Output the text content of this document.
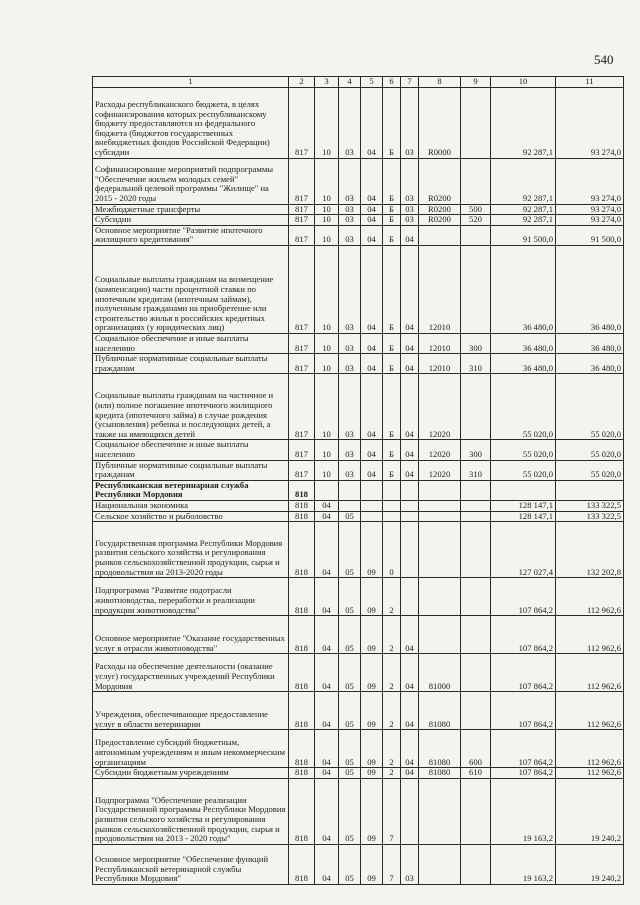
540
1	2	3	4	5	6	7	8	9	10	11
Расходы республиканского бюджета, в целях софинансирования которых республиканскому бюджету предоставляются из федерального бюджета (бюджетов государственных внебюджетных фондов Российской Федерации) субсидии	817	10	03	04	Б	03	R0000		92 287,1	93 274,0
Софинансирование мероприятий подпрограммы "Обеспечение жильем молодых семей" федеральной целевой программы "Жилище" на 2015 - 2020 годы	817	10	03	04	Б	03	R0200		92 287,1	93 274,0
Межбюджетные трансферты	817	10	03	04	Б	03	R0200	500	92 287,1	93 274,0
Субсидии	817	10	03	04	Б	03	R0200	520	92 287,1	93 274,0
Основное мероприятие "Развитие ипотечного жилищного кредитования"	817	10	03	04	Б	04			91 500,0	91 500,0
Социальные выплаты гражданам на возмещение (компенсацию) части процентной ставки по ипотечным кредитам (ипотечным займам), полученным гражданами на приобретение или строительство жилья в российских кредитных организациях (у юридических лиц)	817	10	03	04	Б	04	12010		36 480,0	36 480,0
Социальное обеспечение и иные выплаты населению	817	10	03	04	Б	04	12010	300	36 480,0	36 480,0
Публичные нормативные социальные выплаты гражданам	817	10	03	04	Б	04	12010	310	36 480,0	36 480,0
Социальные выплаты гражданам на частичное и (или) полное погашение ипотечного жилищного кредита (ипотечного займа) в случае рождения (усыновления) ребенка и последующих детей, а также на имеющихся детей	817	10	03	04	Б	04	12020		55 020,0	55 020,0
Социальное обеспечение и иные выплаты населению	817	10	03	04	Б	04	12020	300	55 020,0	55 020,0
Публичные нормативные социальные выплаты гражданам	817	10	03	04	Б	04	12020	310	55 020,0	55 020,0
Республиканская ветеринарная служба Республики Мордовия	818									
Национальная экономика	818	04							128 147,1	133 322,5
Сельское хозяйство и рыболовство	818	04	05						128 147,1	133 322,5
Государственная программа Республики Мордовия развития сельского хозяйства и регулирования рынков сельскохозяйственной продукции, сырья и продовольствия на 2013-2020 годы	818	04	05	09	0				127 027,4	132 202,8
Подпрограмма "Развитие подотрасли животноводства, переработки и реализации продукции животноводства"	818	04	05	09	2				107 864,2	112 962,6
Основное мероприятие "Оказание государственных услуг в отрасли животноводства"	818	04	05	09	2	04			107 864,2	112 962,6
Расходы на обеспечение деятельности (оказание услуг) государственных учреждений Республики Мордовия	818	04	05	09	2	04	81000		107 864,2	112 962,6
Учреждения, обеспечивающие предоставление услуг в области ветеринарии	818	04	05	09	2	04	81080		107 864,2	112 962,6
Предоставление субсидий бюджетным, автономным учреждениям и иным некоммерческим организациям	818	04	05	09	2	04	81080	600	107 864,2	112 962,6
Субсидии бюджетным учреждениям	818	04	05	09	2	04	81080	610	107 864,2	112 962,6
Подпрограмма "Обеспечение реализации Государственной программы Республики Мордовия развития сельского хозяйства и регулирования рынков сельскохозяйственной продукции, сырья и продовольствия на 2013 - 2020 годы"	818	04	05	09	7				19 163,2	19 240,2
Основное мероприятие "Обеспечение функций Республиканской ветеринарной службы Республики Мордовия"	818	04	05	09	7	03			19 163,2	19 240,2
